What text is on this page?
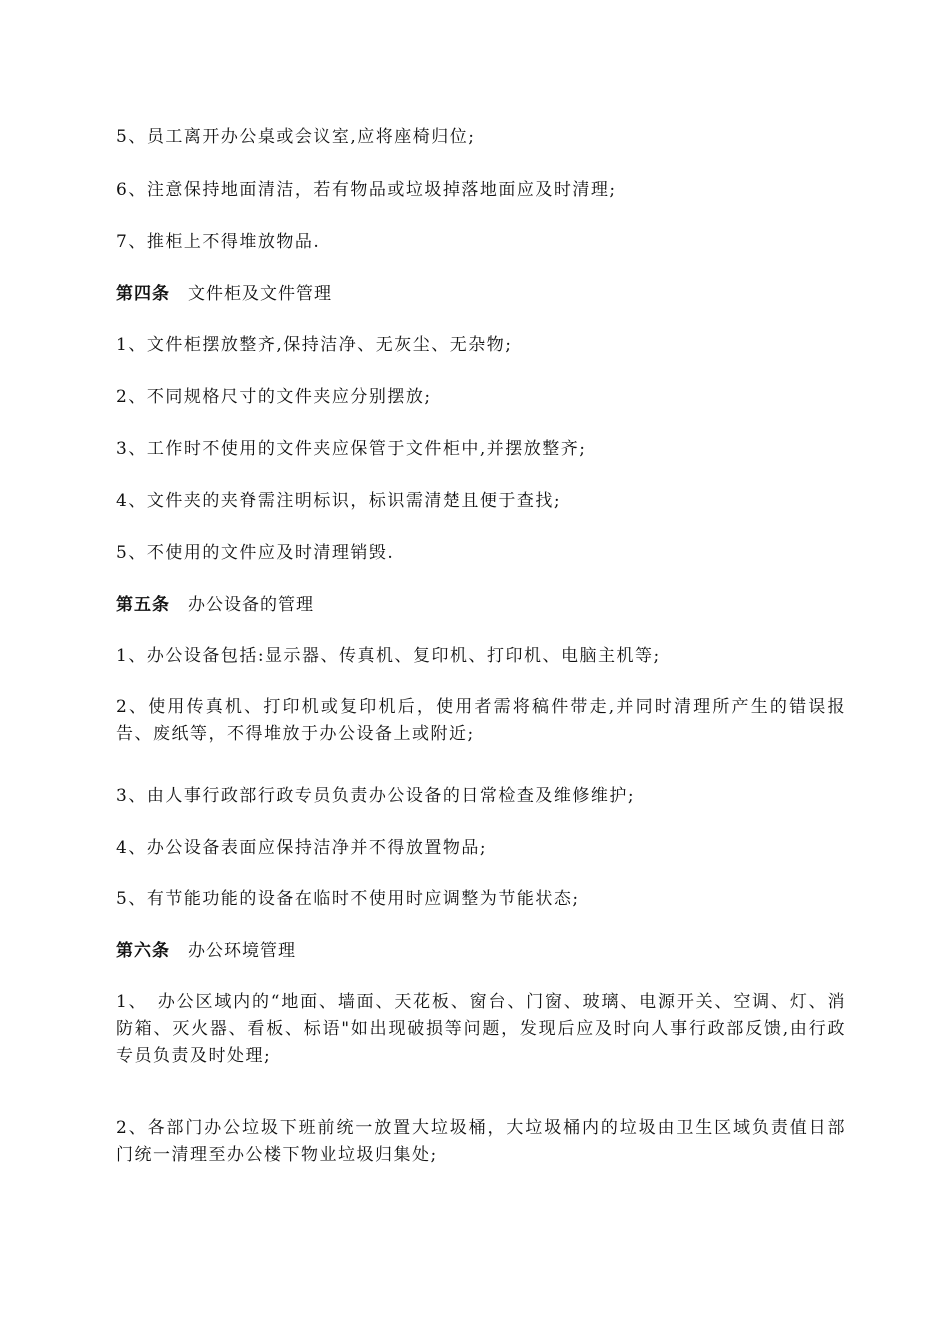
5、员工离开办公桌或会议室,应将座椅归位;
6、注意保持地面清洁，若有物品或垃圾掉落地面应及时清理;
7、推柜上不得堆放物品.
第四条 文件柜及文件管理
1、文件柜摆放整齐,保持洁净、无灰尘、无杂物;
2、不同规格尺寸的文件夹应分别摆放;
3、工作时不使用的文件夹应保管于文件柜中,并摆放整齐;
4、文件夹的夹脊需注明标识，标识需清楚且便于查找;
5、不使用的文件应及时清理销毁.
第五条 办公设备的管理
1、办公设备包括:显示器、传真机、复印机、打印机、电脑主机等;
2、使用传真机、打印机或复印机后，使用者需将稿件带走,并同时清理所产生的错误报告、废纸等，不得堆放于办公设备上或附近;
3、由人事行政部行政专员负责办公设备的日常检查及维修维护;
4、办公设备表面应保持洁净并不得放置物品;
5、有节能功能的设备在临时不使用时应调整为节能状态;
第六条 办公环境管理
1、　办公区域内的“地面、墙面、天花板、窗台、门窗、玻璃、电源开关、空调、灯、消防箱、灭火器、看板、标语"如出现破损等问题，发现后应及时向人事行政部反馈,由行政专员负责及时处理;
2、各部门办公垃圾下班前统一放置大垃圾桶，大垃圾桶内的垃圾由卫生区域负责值日部门统一清理至办公楼下物业垃圾归集处;
